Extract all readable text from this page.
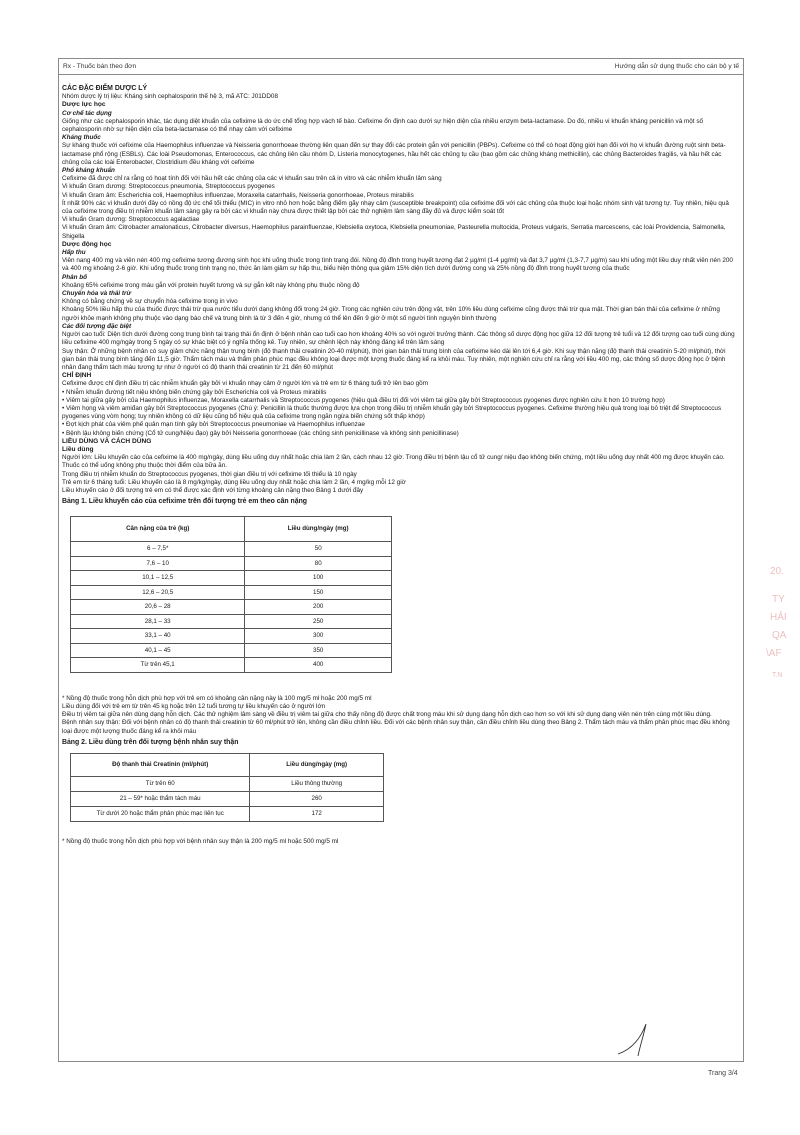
Rx - Thuốc bán theo đơn	Hướng dẫn sử dụng thuốc cho cán bộ y tế

CÁC ĐẶC ĐIỂM DƯỢC LÝ

Nhóm dược lý trị liệu: Kháng sinh cephalosporin thế hệ 3, mã ATC: J01DD08

Dược lực học

Cơ chế tác dụng

Giống như các cephalosporin khác, tác dụng diệt khuẩn của cefixime là do ức chế tổng hợp vách tế bào. Cefixime ổn định cao dưới sự hiện diện của nhiều enzym beta-lactamase. Do đó, nhiều vi khuẩn kháng penicillin và một số cephalosporin nhờ sự hiện diện của beta-lactamase có thể nhạy cảm với cefixime

Kháng thuốc

Sự kháng thuốc với cefixime của Haemophilus influenzae và Neisseria gonorrhoeae thường liên quan đến sự thay đổi các protein gắn với penicillin (PBPs). Cefixime có thể có hoạt động giới hạn đối với họ vi khuẩn đường ruột sinh beta-lactamase phổ rộng (ESBLs). Các loài Pseudomonas, Enterococcus, các chủng liên cầu nhóm D, Listeria monocytogenes, hầu hết các chủng tụ cầu (bao gồm các chủng kháng methicillin), các chủng Bacteroides fragilis, và hầu hết các chủng của các loài Enterobacter, Clostridium đều kháng với cefixime

Phổ kháng khuẩn

Cefixime đã được chỉ ra rằng có hoạt tính đối với hầu hết các chủng của các vi khuẩn sau trên cả in vitro và các nhiễm khuẩn lâm sàng

Vi khuẩn Gram dương: Streptococcus pneumonia, Streptococcus pyogenes

Vi khuẩn Gram âm: Escherichia coli, Haemophilus influenzae, Moraxella catarrhalis, Neisseria gonorrhoeae, Proteus mirabilis

Ít nhất 90% các vi khuẩn dưới đây có nồng độ ức chế tối thiểu (MIC) in vitro nhỏ hơn hoặc bằng điểm gãy nhạy cảm (susceptible breakpoint) của cefixime đối với các chủng của thuộc loại hoặc nhóm sinh vật tương tự. Tuy nhiên, hiệu quả của cefixime trong điều trị nhiễm khuẩn lâm sàng gây ra bởi các vi khuẩn này chưa được thiết lập bởi các thử nghiệm lâm sàng đầy đủ và được kiểm soát tốt

Vi khuẩn Gram dương: Streptococcus agalactiae

Vi khuẩn Gram âm: Citrobacter amalonaticus, Citrobacter diversus, Haemophilus parainfluenzae, Klebsiella oxytoca, Klebsiella pneumoniae, Pasteurella multocida, Proteus vulgaris, Serratia marcescens, các loài Providencia, Salmonella, Shigella

Dược động học

Hấp thu

Viên nang 400 mg và viên nén 400 mg cefixime tương đương sinh học khi uống thuốc trong tình trạng đói. Nồng độ đỉnh trong huyết tương đạt 2 µg/ml (1-4 µg/ml) và đạt 3,7 µg/ml (1,3-7,7 µg/m) sau khi uống một liều duy nhất viên nén 200 và 400 mg khoảng 2-6 giờ. Khi uống thuốc trong tình trạng no, thức ăn làm giảm sự hấp thu, biểu hiện thông qua giảm 15% diện tích dưới đường cong và 25% nồng độ đỉnh trong huyết tương của thuốc

Phân bố

Khoảng 65% cefixime trong máu gắn với protein huyết tương và sự gắn kết này không phụ thuộc nồng độ

Chuyển hóa và thải trừ

Không có bằng chứng về sự chuyển hóa cefixime trong in vivo

Khoảng 50% liều hấp thu của thuốc được thải trừ qua nước tiểu dưới dạng không đổi trong 24 giờ. Trong các nghiên cứu trên động vật, trên 10% liều dùng cefixime cũng được thải trừ qua mật. Thời gian bán thải của cefixime ở những người khỏe mạnh không phụ thuộc vào dạng bào chế và trung bình là từ 3 đến 4 giờ, nhưng có thể lên đến 9 giờ ở một số người tình nguyện bình thường

Các đối tượng đặc biệt

Người cao tuổi: Diện tích dưới đường cong trung bình tại trạng thái ổn định ở bệnh nhân cao tuổi cao hơn khoảng 40% so với người trưởng thành. Các thông số dược động học giữa 12 đối tượng trẻ tuổi và 12 đối tượng cao tuổi cùng dùng liều cefixime 400 mg/ngày trong 5 ngày có sự khác biệt có ý nghĩa thống kê. Tuy nhiên, sự chênh lệch này không đáng kể trên lâm sàng

Suy thận: Ở những bệnh nhân có suy giảm chức năng thận trung bình (độ thanh thải creatinin 20-40 ml/phút), thời gian bán thải trung bình của cefixime kéo dài lên tới 6,4 giờ. Khi suy thận nặng (độ thanh thải creatinin 5-20 ml/phút), thời gian bán thải trung bình tăng đến 11,5 giờ. Thẩm tách máu và thẩm phân phúc mạc đều không loại được một lượng thuốc đáng kể ra khỏi máu. Tuy nhiên, một nghiên cứu chỉ ra rằng với liều 400 mg, các thông số dược động học ở bệnh nhân đang thẩm tách máu tương tự như ở người có độ thanh thải creatinin từ 21 đến 60 ml/phút

CHỈ ĐỊNH

Cefixime được chỉ định điều trị các nhiễm khuẩn gây bởi vi khuẩn nhạy cảm ở người lớn và trẻ em từ 6 tháng tuổi trở lên bao gồm

• Nhiễm khuẩn đường tiết niệu không biến chứng gây bởi Escherichia coli và Proteus mirabilis

• Viêm tai giữa gây bởi của Haemophilus influenzae, Moraxella catarrhalis và Streptococcus pyogenes (hiệu quả điều trị đối với viêm tai giữa gây bởi Streptococcus pyogenes được nghiên cứu ít hơn 10 trường hợp)

• Viêm họng và viêm amiđan gây bởi Streptococcus pyogenes (Chú ý: Penicillin là thuốc thường được lựa chọn trong điều trị nhiễm khuẩn gây bởi Streptococcus pyogenes. Cefixime thường hiệu quả trong loại bỏ triệt để Streptococcus pyogenes vùng vòm họng; tuy nhiên không có dữ liệu cũng bổ hiệu quả của cefixime trong ngăn ngừa biến chứng sốt thấp khớp)

• Đợt kịch phát của viêm phế quản mạn tính gây bởi Streptococcus pneumoniae và Haemophilus influenzae

• Bệnh lậu không biến chứng (Cổ tử cung/Niệu đạo) gây bởi Neisseria gonorrhoeae (các chủng sinh penicillinase và không sinh penicillinase)

LIỀU DÙNG VÀ CÁCH DÙNG

Liều dùng

Người lớn: Liều khuyến cáo của cefixime là 400 mg/ngày, dùng liều uống duy nhất hoặc chia làm 2 lần, cách nhau 12 giờ. Trong điều trị bệnh lậu cổ tử cung/ niệu đạo không biến chứng, một liều uống duy nhất 400 mg được khuyến cáo. Thuốc có thể uống không phụ thuộc thời điểm của bữa ăn.

Trong điều trị nhiễm khuẩn do Streptococcus pyogenes, thời gian điều trị với cefixime tối thiểu là 10 ngày

Trẻ em từ 6 tháng tuổi: Liều khuyến cáo là 8 mg/kg/ngày, dùng liều uống duy nhất hoặc chia làm 2 lần, 4 mg/kg mỗi 12 giờ

Liều khuyến cáo ở đối tượng trẻ em có thể được xác định với từng khoảng cân nặng theo Bảng 1 dưới đây

Bảng 1. Liều khuyến cáo của cefixime trên đối tượng trẻ em theo cân nặng

Cân nặng của trẻ (kg)	Liều dùng/ngày (mg)
6 – 7,5*	50
7,6 – 10	80
10,1 – 12,5	100
12,6 – 20,5	150
20,6 – 28	200
28,1 – 33	250
33,1 – 40	300
40,1 – 45	350
Từ trên 45,1	400

* Nồng độ thuốc trong hỗn dịch phù hợp với trẻ em có khoảng cân nặng này là 100 mg/5 ml hoặc 200 mg/5 ml

Liều dùng đối với trẻ em từ trên 45 kg hoặc trên 12 tuổi tương tự liều khuyến cáo ở người lớn

Điều trị viêm tai giữa nên dùng dạng hỗn dịch. Các thử nghiệm lâm sàng về điều trị viêm tai giữa cho thấy nồng độ được chất trong máu khi sử dụng dạng hỗn dịch cao hơn so với khi sử dụng dạng viên nén trên cùng một liều dùng.

Bệnh nhân suy thận: Đối với bệnh nhân có độ thanh thải creatinin từ 60 ml/phút trở lên, không cần điều chỉnh liều. Đối với các bệnh nhân suy thận, cần điều chỉnh liều dùng theo Bảng 2. Thẩm tách máu và thẩm phân phúc mạc đều không loại được một lượng thuốc đáng kể ra khỏi máu

Bảng 2. Liều dùng trên đối tượng bệnh nhân suy thận

Độ thanh thải Creatinin (ml/phút)	Liều dùng/ngày (mg)
Từ trên 60	Liều thông thường
21 – 59* hoặc thẩm tách máu	260
Từ dưới 20 hoặc thẩm phân phúc mạc liên tục	172

* Nồng độ thuốc trong hỗn dịch phù hợp với bệnh nhân suy thận là 200 mg/5 ml hoặc 500 mg/5 ml

Trang 3/4
20.
TY
HẢI
QA
\AF
T.N
